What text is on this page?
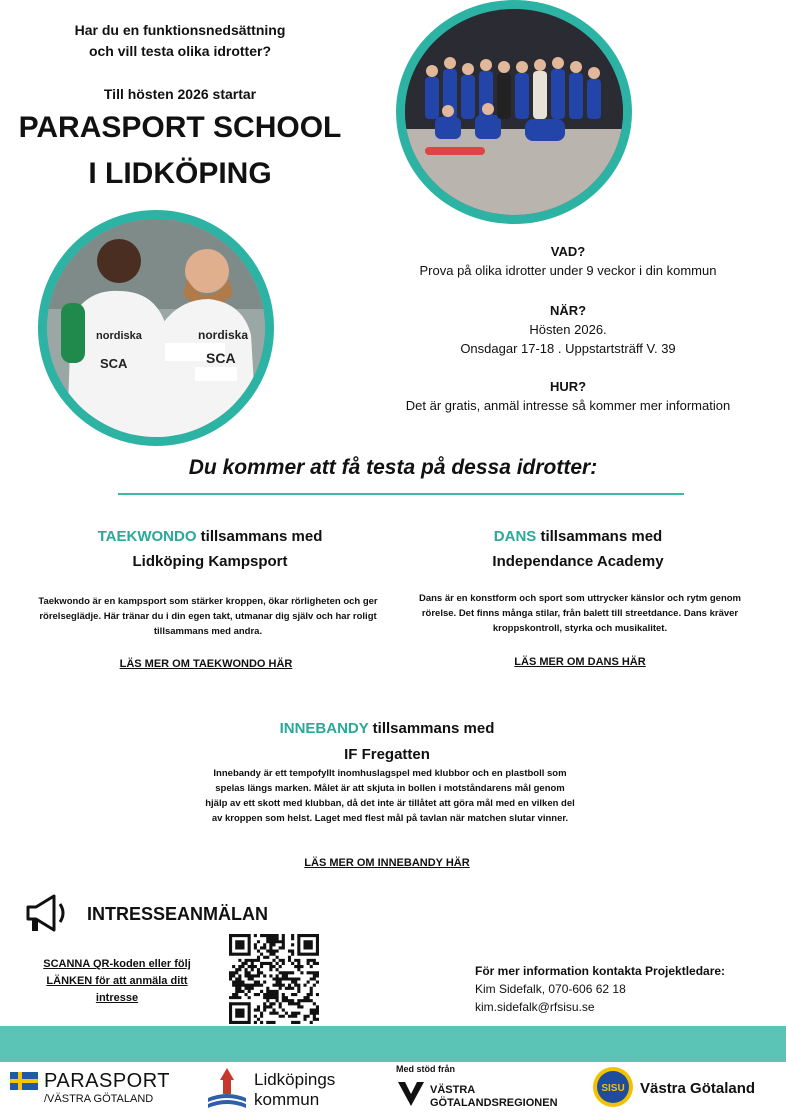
Har du en funktionsnedsättning
och vill testa olika idrotter?
Till hösten 2026 startar
PARASPORT SCHOOL
I LIDKÖPING
nordiska
SCA
nordiska
SCA
VAD?
Prova på olika idrotter under 9 veckor i din kommun
NÄR?
Hösten 2026.
Onsdagar 17-18 . Uppstartsträff V. 39
HUR?
Det är gratis, anmäl intresse så kommer mer information
Du kommer att få testa på dessa idrotter:
TAEKWONDO tillsammans med
Lidköping Kampsport
Taekwondo är en kampsport som stärker kroppen, ökar rörligheten och ger rörelseglädje. Här tränar du i din egen takt, utmanar dig själv och har roligt tillsammans med andra.
LÄS MER OM TAEKWONDO HÄR
DANS tillsammans med
Independance Academy
Dans är en konstform och sport som uttrycker känslor och rytm genom rörelse. Det finns många stilar, från balett till streetdance. Dans kräver kroppskontroll, styrka och musikalitet.
LÄS MER OM DANS HÄR
INNEBANDY tillsammans med
IF Fregatten
Innebandy är ett tempofyllt inomhuslagspel med klubbor och en plastboll som spelas längs marken. Målet är att skjuta in bollen i motståndarens mål genom hjälp av ett skott med klubban, då det inte är tillåtet att göra mål med en vilken del av kroppen som helst. Laget med flest mål på tavlan när matchen slutar vinner.
LÄS MER OM INNEBANDY HÄR
INTRESSEANMÄLAN
SCANNA QR-koden eller följ LÄNKEN för att anmäla ditt intresse
För mer information kontakta Projektledare:
Kim Sidefalk, 070-606 62 18
kim.sidefalk@rfsisu.se
PARASPORT
/VÄSTRA GÖTALAND
Lidköpings
kommun
Med stöd från
VÄSTRA
GÖTALANDSREGIONEN
SISU Västra Götaland
